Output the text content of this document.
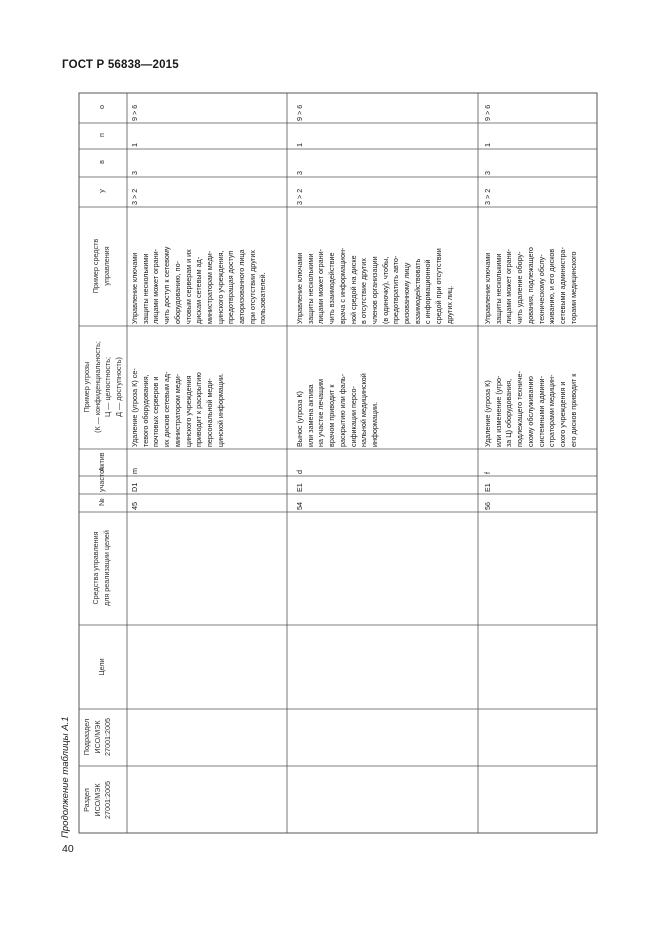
ГОСТ Р 56838—2015
Продолжение таблицы А.1
40
Раздел ИСО/МЭК 27001:2005
Подраздел ИСО/МЭК 27001:2005
Цели
Средства управления для реализации целей
№
участок
Актив
Пример угрозы (К — конфиденциальность; Ц — целостность; Д — доступность)
Пример средств управления
у
в
п
о
45
D1
m
Удаление (угроза К) се- тевого оборудования, почтовых серверов и их дисков сетевым ад- министратором меди- цинского учреждения приводит к раскрытию персональной меди- цинской информации.
Управление ключами защиты несколькими лицами может ограни- чить доступ к сетевому оборудованию, по- чтовым серверам и их дискам сетевым ад- министраторам меди- цинского учреждения, предотвращая доступ авторизованного лица при отсутствии других пользователей.
3 > 2
3
1
9 > 6
54
E1
d
Вынос (угроза К) или замена актива на участке лечащим врачом приводит к раскрытию или фаль- сификации персо- нальной медицинской информации.
Управление ключами защиты несколькими лицами может ограни- чить взаимодействие врача с информацион- ной средой на диске в отсутствие других членов организации (в одиночку), чтобы, предотвратить авто- ризованному лицу взаимодействовать с информационной средой при отсутствии других лиц.
3 > 2
3
1
9 > 6
56
E1
f
Удаление (угроза К) или изменение (угро- за Ц) оборудования, подлежащего техниче- скому обслуживанию системными админи- страторами медицин- ского учреждения и его дисков приводит к
Управление ключами защиты несколькими лицами может ограни- чить удаление обору- дования, подлежащего техническому обслу- живанию, и его дисков сетевыми администра- торами медицинского
3 > 2
3
1
9 > 6
